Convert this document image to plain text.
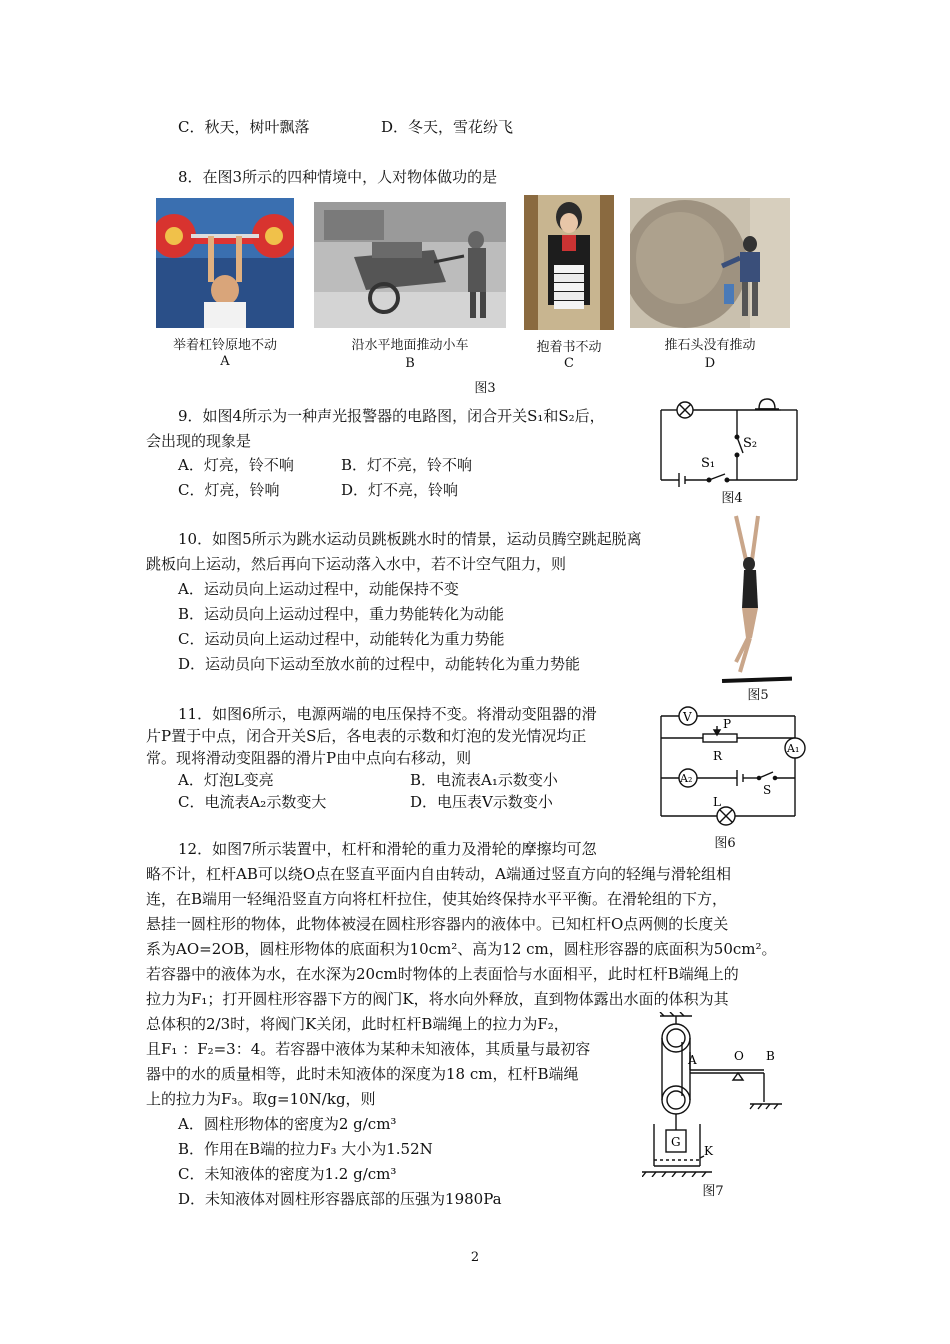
C．秋天，树叶飘落	D．冬天，雪花纷飞
8．在图3所示的四种情境中，人对物体做功的是
举着杠铃原地不动
A
沿水平地面推动小车
B
抱着书不动
C
推石头没有推动
D
图3
9．如图4所示为一种声光报警器的电路图，闭合开关S₁和S₂后，
会出现的现象是
A．灯亮，铃不响	B．灯不亮，铃不响
C．灯亮，铃响	D．灯不亮，铃响
S₂
S₁
图4
10．如图5所示为跳水运动员跳板跳水时的情景，运动员腾空跳起脱离
跳板向上运动，然后再向下运动落入水中，若不计空气阻力，则
A．运动员向上运动过程中，动能保持不变
B．运动员向上运动过程中，重力势能转化为动能
C．运动员向上运动过程中，动能转化为重力势能
D．运动员向下运动至放水前的过程中，动能转化为重力势能
图5
11．如图6所示，电源两端的电压保持不变。将滑动变阻器的滑
片P置于中点，闭合开关S后，各电表的示数和灯泡的发光情况均正
常。现将滑动变阻器的滑片P由中点向右移动，则
A．灯泡L变亮	B．电流表A₁示数变小
C．电流表A₂示数变大	D．电压表V示数变小
V
A₁
A₂
P
R
S
L
图6
12．如图7所示装置中，杠杆和滑轮的重力及滑轮的摩擦均可忽
略不计，杠杆AB可以绕O点在竖直平面内自由转动，A端通过竖直方向的轻绳与滑轮组相
连，在B端用一轻绳沿竖直方向将杠杆拉住，使其始终保持水平平衡。在滑轮组的下方，
悬挂一圆柱形的物体，此物体被浸在圆柱形容器内的液体中。已知杠杆O点两侧的长度关
系为AO=2OB，圆柱形物体的底面积为10cm²、高为12 cm，圆柱形容器的底面积为50cm²。
若容器中的液体为水，在水深为20cm时物体的上表面恰与水面相平，此时杠杆B端绳上的
拉力为F₁；打开圆柱形容器下方的阀门K，将水向外释放，直到物体露出水面的体积为其
总体积的2/3时，将阀门K关闭，此时杠杆B端绳上的拉力为F₂，
且F₁ ：F₂=3：4。若容器中液体为某种未知液体，其质量与最初容
器中的水的质量相等，此时未知液体的深度为18 cm，杠杆B端绳
上的拉力为F₃。取g=10N/kg，则
A．圆柱形物体的密度为2 g/cm³
B．作用在B端的拉力F₃ 大小为1.52N
C．未知液体的密度为1.2 g/cm³
D．未知液体对圆柱形容器底部的压强为1980Pa
G
K
A	O B
图7
2
